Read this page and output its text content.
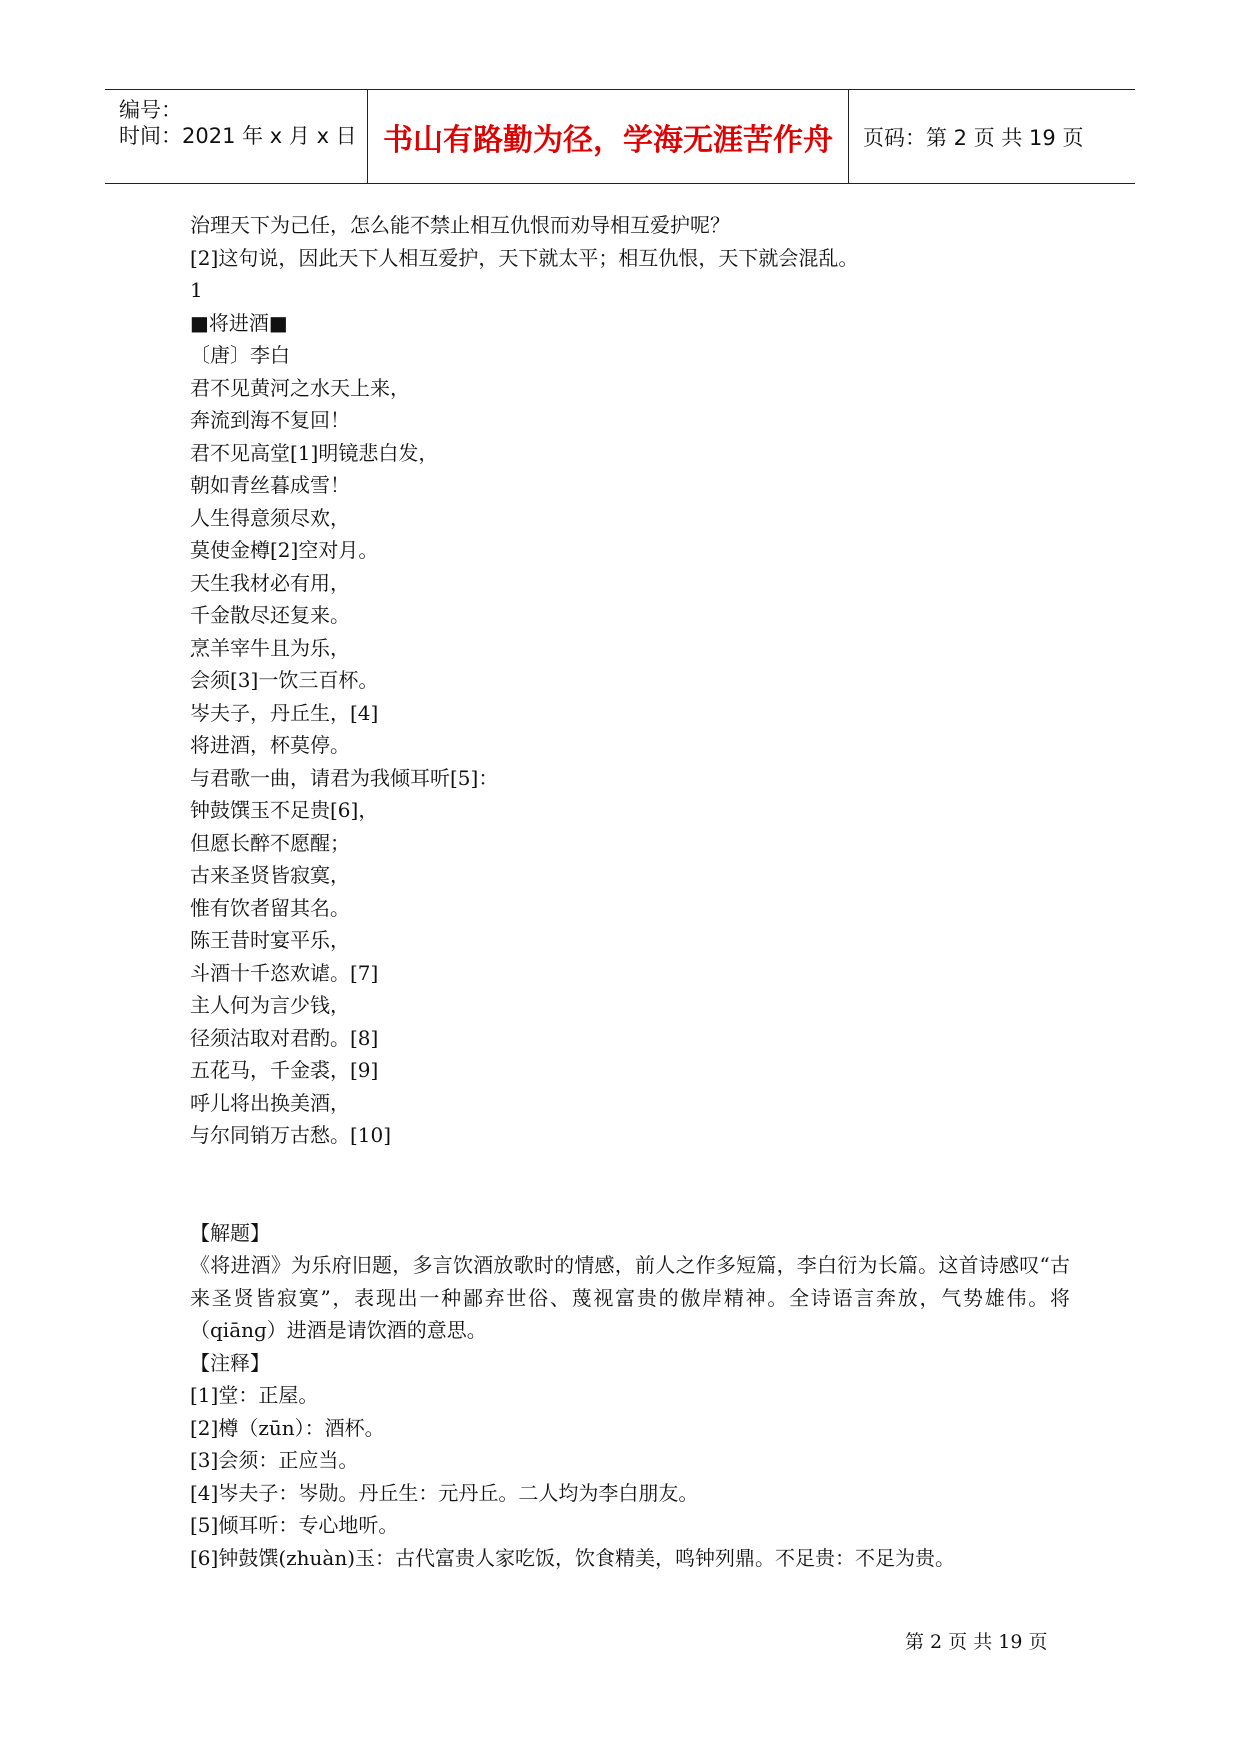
编号：
时间：2021 年 x 月 x 日 书山有路勤为径，学海无涯苦作舟	页码：第 2 页 共 19 页
治理天下为己任，怎么能不禁止相互仇恨而劝导相互爱护呢？
[2]这句说，因此天下人相互爱护，天下就太平；相互仇恨，天下就会混乱。
1
■将进酒■
〔唐〕李白
君不见黄河之水天上来，
奔流到海不复回！
君不见高堂[1]明镜悲白发，
朝如青丝暮成雪！
人生得意须尽欢，
莫使金樽[2]空对月。
天生我材必有用，
千金散尽还复来。
烹羊宰牛且为乐，
会须[3]一饮三百杯。
岑夫子，丹丘生，[4]
将进酒，杯莫停。
与君歌一曲，请君为我倾耳听[5]：
钟鼓馔玉不足贵[6]，
但愿长醉不愿醒；
古来圣贤皆寂寞，
惟有饮者留其名。
陈王昔时宴平乐，
斗酒十千恣欢谑。[7]
主人何为言少钱，
径须沽取对君酌。[8]
五花马，千金裘，[9]
呼儿将出换美酒，
与尔同销万古愁。[10]
【解题】
《将进酒》为乐府旧题，多言饮酒放歌时的情感，前人之作多短篇，李白衍为长篇。这首诗感叹“古来圣贤皆寂寞”，表现出一种鄙弃世俗、蔑视富贵的傲岸精神。全诗语言奔放，气势雄伟。将（qiānɡ）进酒是请饮酒的意思。
【注释】
[1]堂：正屋。
[2]樽（zūn）：酒杯。
[3]会须：正应当。
[4]岑夫子：岑勋。丹丘生：元丹丘。二人均为李白朋友。
[5]倾耳听：专心地听。
[6]钟鼓馔(zhuàn)玉：古代富贵人家吃饭，饮食精美，鸣钟列鼎。不足贵：不足为贵。
第 2 页 共 19 页
